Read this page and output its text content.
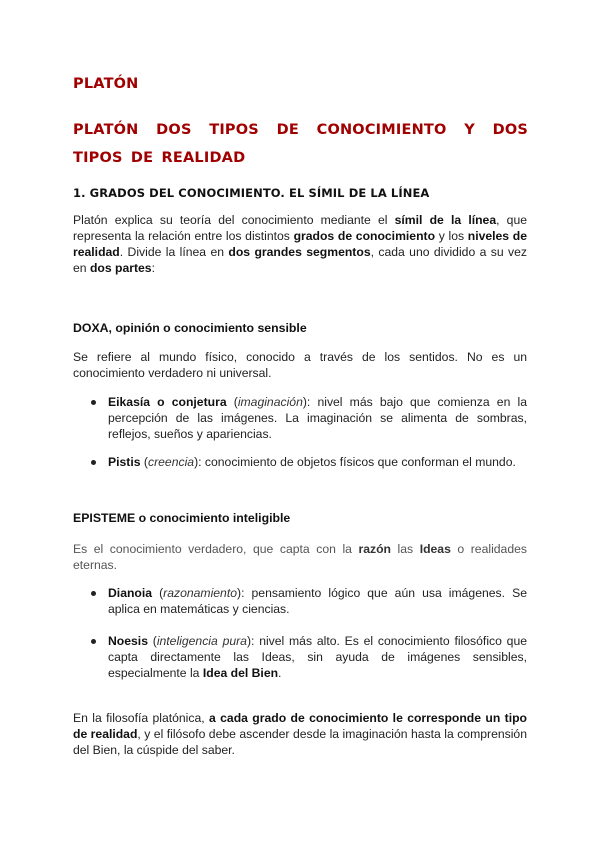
PLATÓN
PLATÓN DOS TIPOS DE CONOCIMIENTO Y DOS TIPOS DE REALIDAD
1. GRADOS DEL CONOCIMIENTO. EL SÍMIL DE LA LÍNEA
Platón explica su teoría del conocimiento mediante el símil de la línea, que representa la relación entre los distintos grados de conocimiento y los niveles de realidad. Divide la línea en dos grandes segmentos, cada uno dividido a su vez en dos partes:
DOXA, opinión o conocimiento sensible
Se refiere al mundo físico, conocido a través de los sentidos. No es un conocimiento verdadero ni universal.
Eikasía o conjetura (imaginación): nivel más bajo que comienza en la percepción de las imágenes. La imaginación se alimenta de sombras, reflejos, sueños y apariencias.
Pistis (creencia): conocimiento de objetos físicos que conforman el mundo.
EPISTEME o conocimiento inteligible
Es el conocimiento verdadero, que capta con la razón las Ideas o realidades eternas.
Dianoia (razonamiento): pensamiento lógico que aún usa imágenes. Se aplica en matemáticas y ciencias.
Noesis (inteligencia pura): nivel más alto. Es el conocimiento filosófico que capta directamente las Ideas, sin ayuda de imágenes sensibles, especialmente la Idea del Bien.
En la filosofía platónica, a cada grado de conocimiento le corresponde un tipo de realidad, y el filósofo debe ascender desde la imaginación hasta la comprensión del Bien, la cúspide del saber.
